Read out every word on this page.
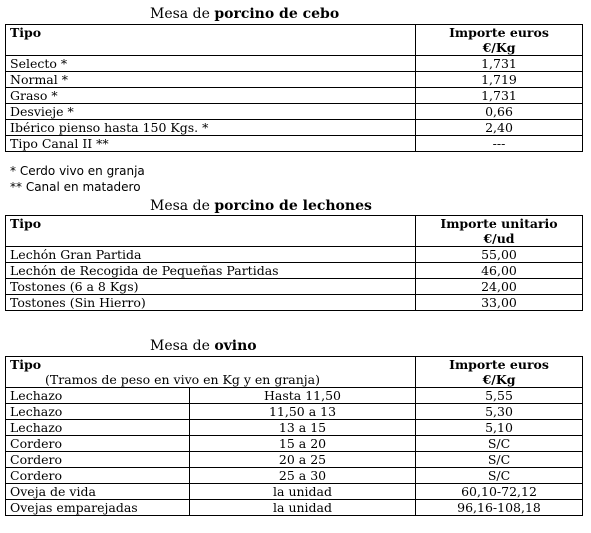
Mesa de porcino de cebo
Tipo	Importe euros
€/Kg

Selecto *	1,731
Normal *	1,719
Graso *	1,731
Desvieje *	0,66
Ibérico pienso hasta 150 Kgs. *	2,40
Tipo Canal II **	---
* Cerdo vivo en granja
** Canal en matadero
Mesa de porcino de lechones
Tipo	Importe unitario
€/ud

Lechón Gran Partida	55,00
Lechón de Recogida de Pequeñas Partidas	46,00
Tostones (6 a 8 Kgs)	24,00
Tostones (Sin Hierro)	33,00
Mesa de ovino
Tipo
(Tramos de peso en vivo en Kg y en granja)		Importe euros
€/Kg

Lechazo	Hasta 11,50	5,55
Lechazo	11,50 a 13	5,30
Lechazo	13 a 15	5,10
Cordero	15 a 20	S/C
Cordero	20 a 25	S/C
Cordero	25 a 30	S/C
Oveja de vida	la unidad	60,10-72,12
Ovejas emparejadas	la unidad	96,16-108,18
